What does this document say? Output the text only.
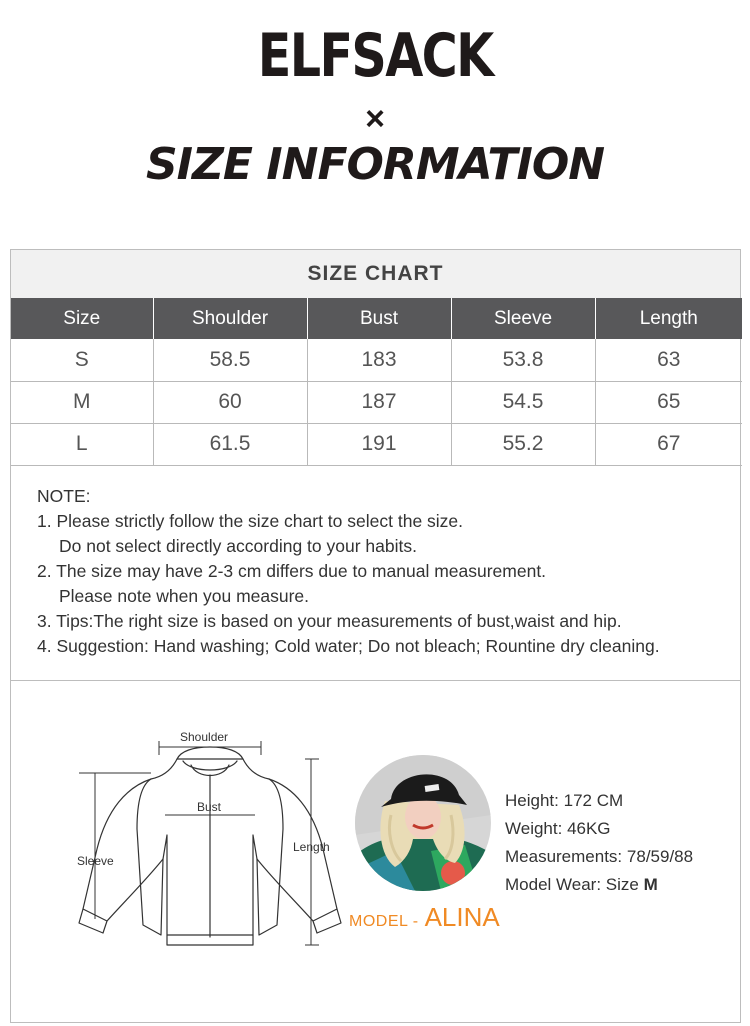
ELFSACK
×
SIZE INFORMATION
SIZE CHART
Size	Shoulder	Bust	Sleeve	Length
S	58.5	183	53.8	63
M	60	187	54.5	65
L	61.5	191	55.2	67
NOTE:
1. Please strictly follow the size chart to select the size.
Do not select directly according to your habits.
2. The size may have 2-3 cm differs due to manual measurement.
Please note when you measure.
3. Tips:The right size is based on your measurements of bust,waist and hip.
4. Suggestion: Hand washing; Cold water; Do not bleach; Rountine dry cleaning.
Shoulder
Bust
Length
Sleeve
MODEL - ALINA
Height: 172 CM
Weight: 46KG
Measurements: 78/59/88
Model Wear: Size M
